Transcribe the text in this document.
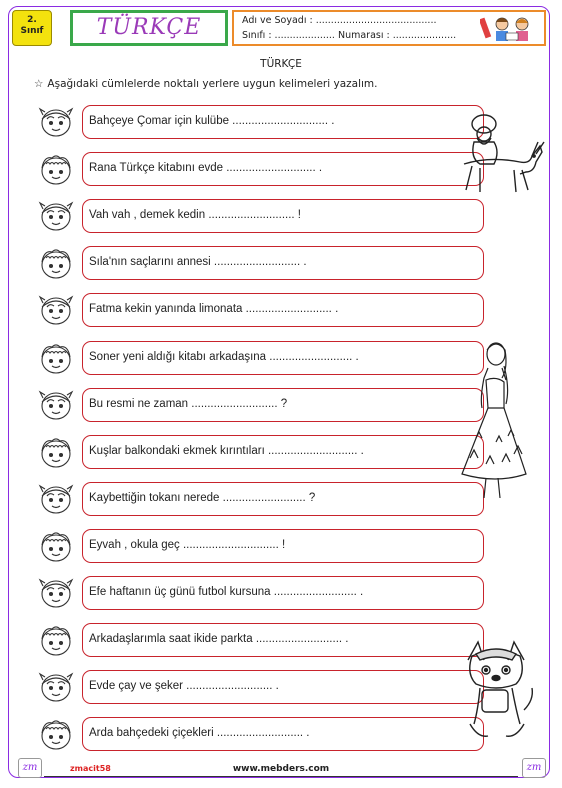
2.
Sınıf	TÜRKÇE	Adı ve Soyadı : ........................................
Sınıfı : .................... Numarası : .....................
TÜRKÇE
☆ Aşağıdaki cümlelerde noktalı yerlere uygun kelimeleri yazalım.
Bahçeye Çomar için kulübe .............................. .
Rana Türkçe kitabını evde ............................ .
Vah vah , demek kedin ........................... !
Sıla'nın saçlarını annesi ........................... .
Fatma kekin yanında limonata ........................... .
Soner yeni aldığı kitabı arkadaşına .......................... .
Bu resmi ne zaman ........................... ?
Kuşlar balkondaki ekmek kırıntıları ............................ .
Kaybettiğin tokanı nerede .......................... ?
Eyvah , okula geç .............................. !
Efe haftanın üç günü futbol kursuna .......................... .
Arkadaşlarımla saat ikide parkta ........................... .
Evde çay ve şeker ........................... .
Arda bahçedeki çiçekleri ........................... .
zm	zmacit58	www.mebders.com	zm
